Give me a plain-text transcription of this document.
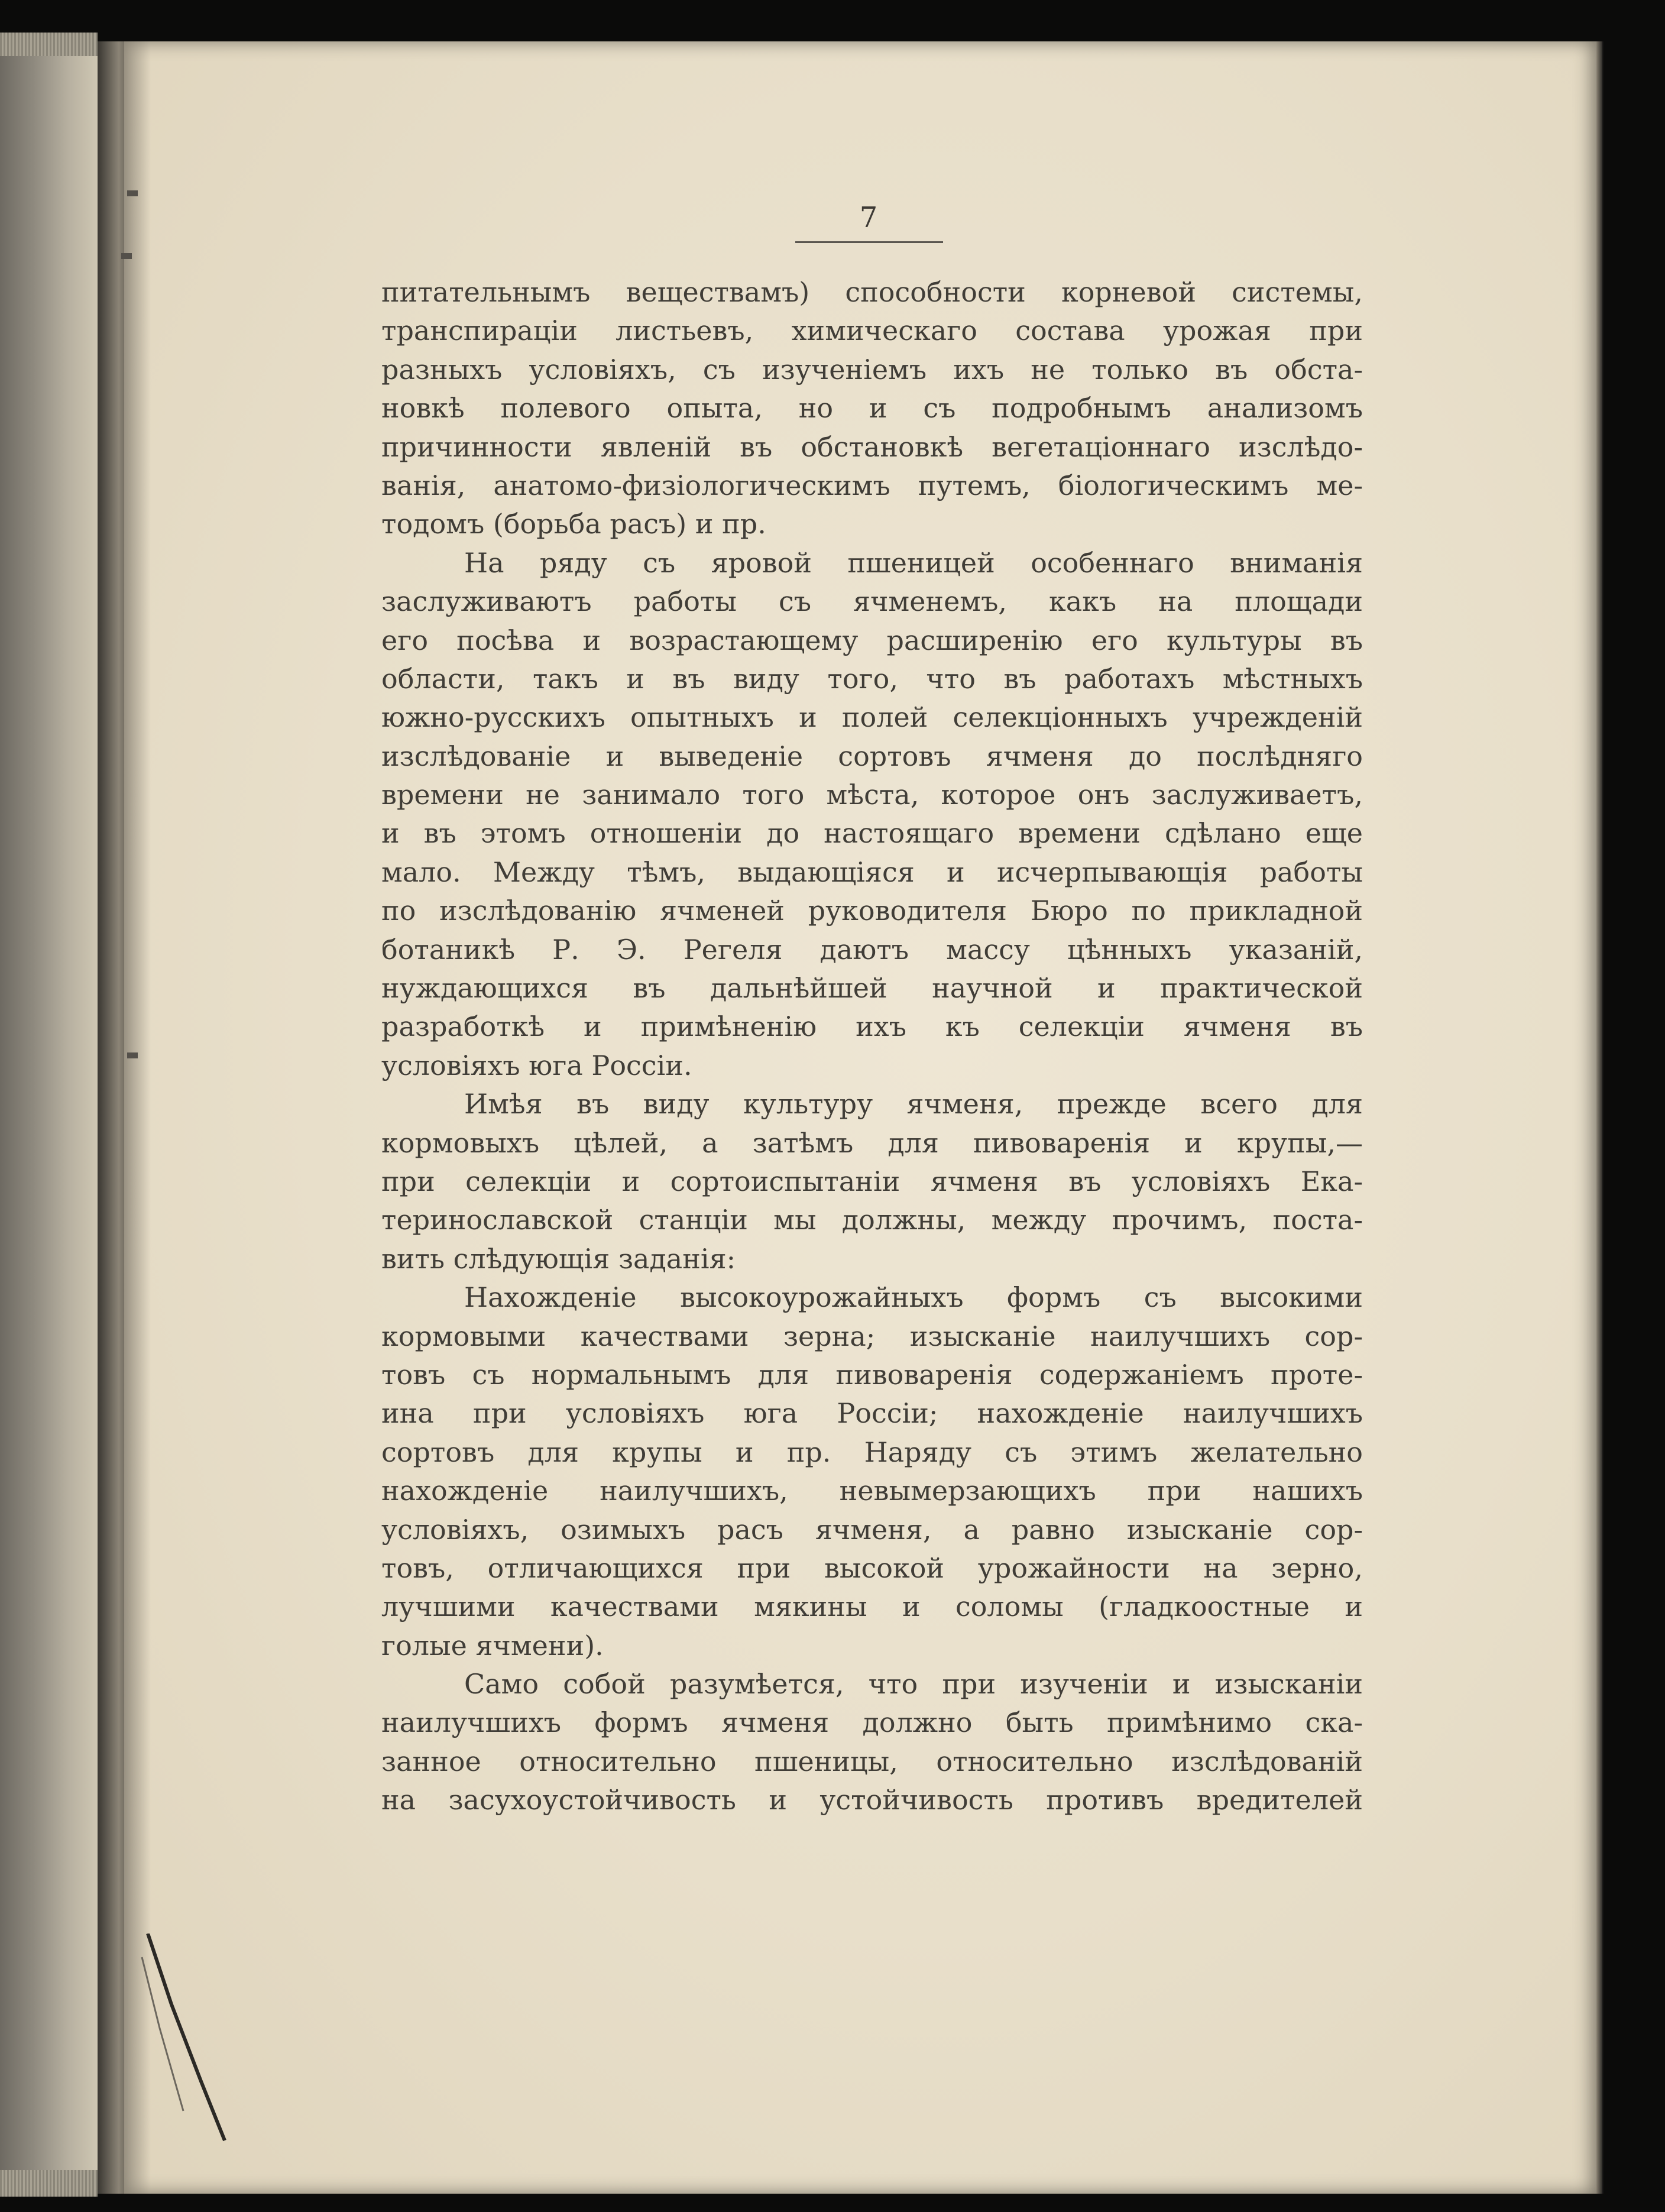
7
питательнымъ веществамъ) способности корневой системы,
транспираціи листьевъ, химическаго состава урожая при
разныхъ условіяхъ, съ изученіемъ ихъ не только въ обста-
новкѣ полевого опыта, но и съ подробнымъ анализомъ
причинности явленій въ обстановкѣ вегетаціоннаго изслѣдо-
ванія, анатомо-физіологическимъ путемъ, біологическимъ ме-
тодомъ (борьба расъ) и пр.
На ряду съ яровой пшеницей особеннаго вниманія
заслуживаютъ работы съ ячменемъ, какъ на площади
его посѣва и возрастающему расширенію его культуры въ
области, такъ и въ виду того, что въ работахъ мѣстныхъ
южно-русскихъ опытныхъ и полей селекціонныхъ учрежденій
изслѣдованіе и выведеніе сортовъ ячменя до послѣдняго
времени не занимало того мѣста, которое онъ заслуживаетъ,
и въ этомъ отношеніи до настоящаго времени сдѣлано еще
мало. Между тѣмъ, выдающіяся и исчерпывающія работы
по изслѣдованію ячменей руководителя Бюро по прикладной
ботаникѣ Р. Э. Регеля даютъ массу цѣнныхъ указаній,
нуждающихся въ дальнѣйшей научной и практической
разработкѣ и примѣненію ихъ къ селекціи ячменя въ
условіяхъ юга Россіи.
Имѣя въ виду культуру ячменя, прежде всего для
кормовыхъ цѣлей, а затѣмъ для пивоваренія и крупы,—
при селекціи и сортоиспытаніи ячменя въ условіяхъ Ека-
теринославской станціи мы должны, между прочимъ, поста-
вить слѣдующія заданія:
Нахожденіе высокоурожайныхъ формъ съ высокими
кормовыми качествами зерна; изысканіе наилучшихъ сор-
товъ съ нормальнымъ для пивоваренія содержаніемъ проте-
ина при условіяхъ юга Россіи; нахожденіе наилучшихъ
сортовъ для крупы и пр. Наряду съ этимъ желательно
нахожденіе наилучшихъ, невымерзающихъ при нашихъ
условіяхъ, озимыхъ расъ ячменя, а равно изысканіе сор-
товъ, отличающихся при высокой урожайности на зерно,
лучшими качествами мякины и соломы (гладкоостные и
голые ячмени).
Само собой разумѣется, что при изученіи и изысканіи
наилучшихъ формъ ячменя должно быть примѣнимо ска-
занное относительно пшеницы, относительно изслѣдованій
на засухоустойчивость и устойчивость противъ вредителей
